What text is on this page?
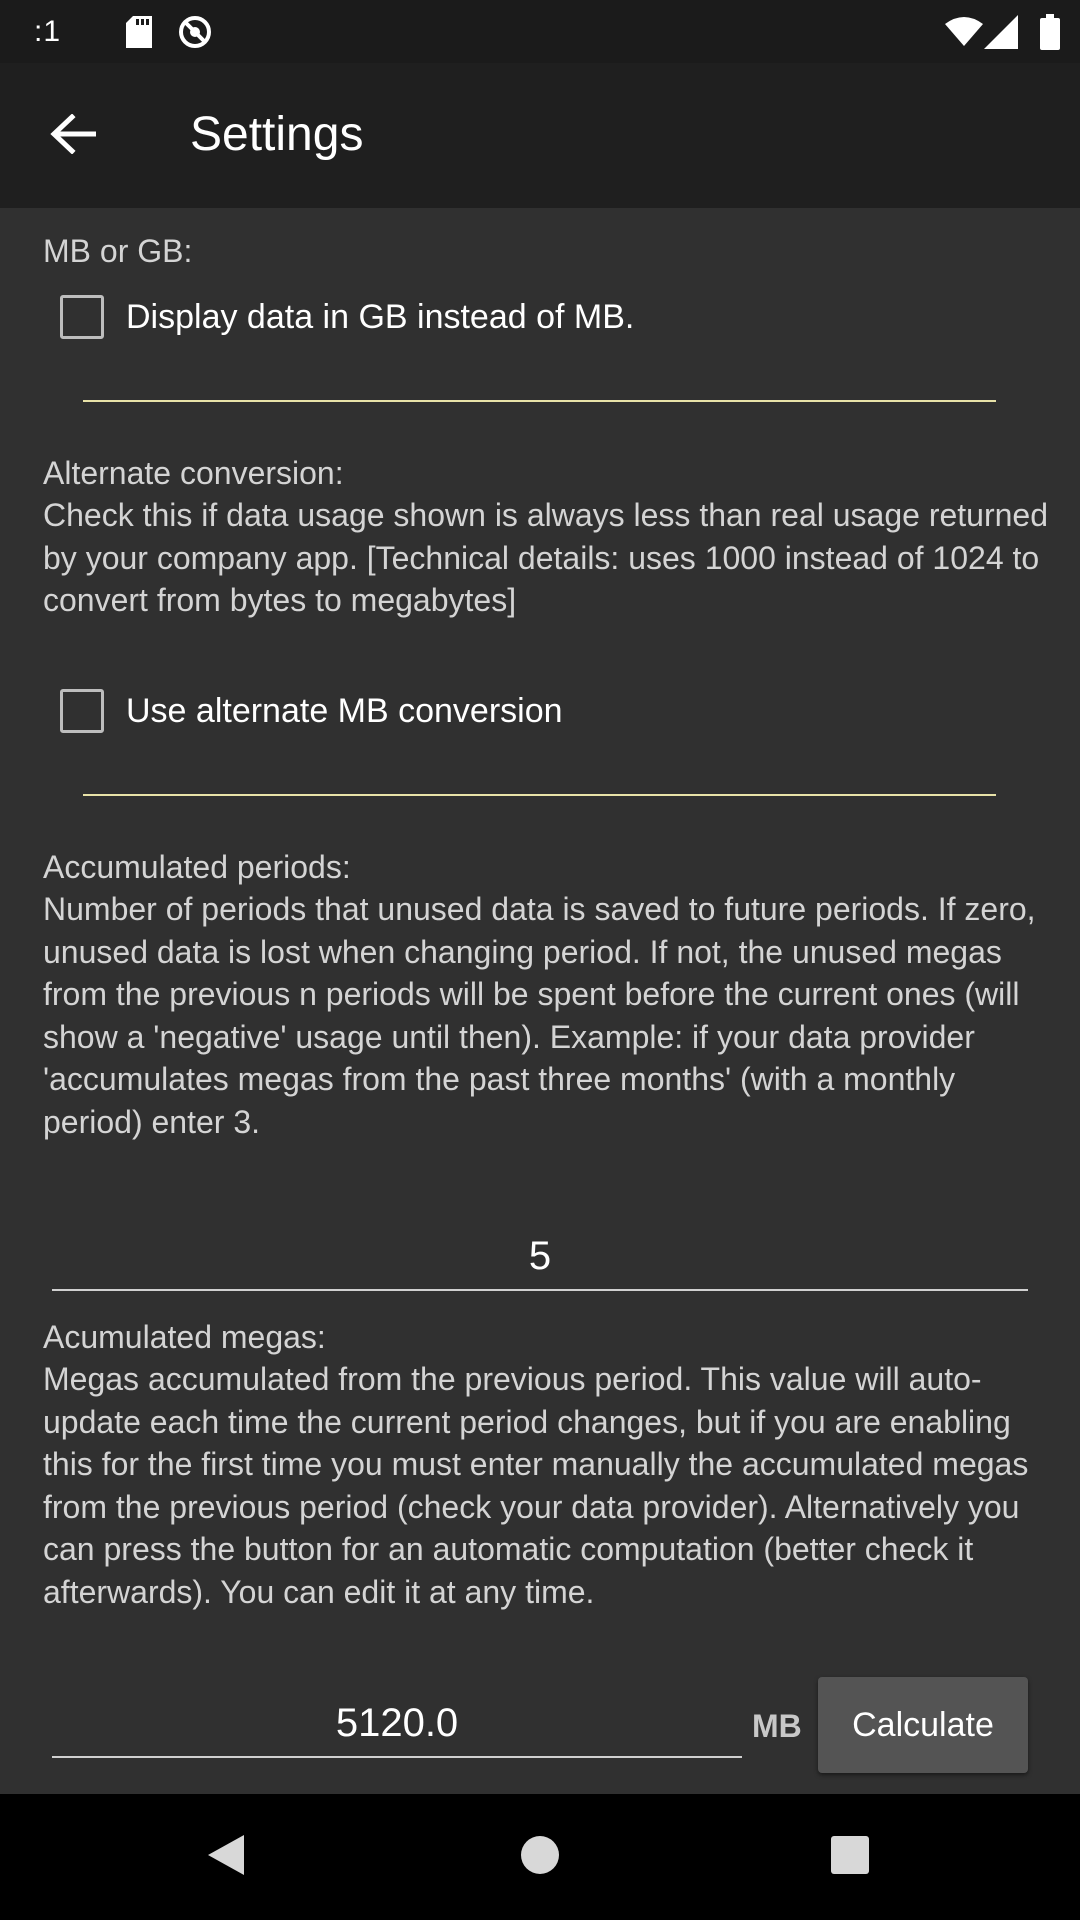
:1
Settings
MB or GB:
Display data in GB instead of MB.
Alternate conversion:
Check this if data usage shown is always less than real usage returned by your company app. [Technical details: uses 1000 instead of 1024 to convert from bytes to megabytes]
Use alternate MB conversion
Accumulated periods:
Number of periods that unused data is saved to future periods. If zero, unused data is lost when changing period. If not, the unused megas from the previous n periods will be spent before the current ones (will show a 'negative' usage until then). Example: if your data provider 'accumulates megas from the past three months' (with a monthly period) enter 3.
5
Acumulated megas:
Megas accumulated from the previous period. This value will auto-update each time the current period changes, but if you are enabling this for the first time you must enter manually the accumulated megas from the previous period (check your data provider). Alternatively you can press the button for an automatic computation (better check it afterwards). You can edit it at any time.
5120.0	MB	Calculate
